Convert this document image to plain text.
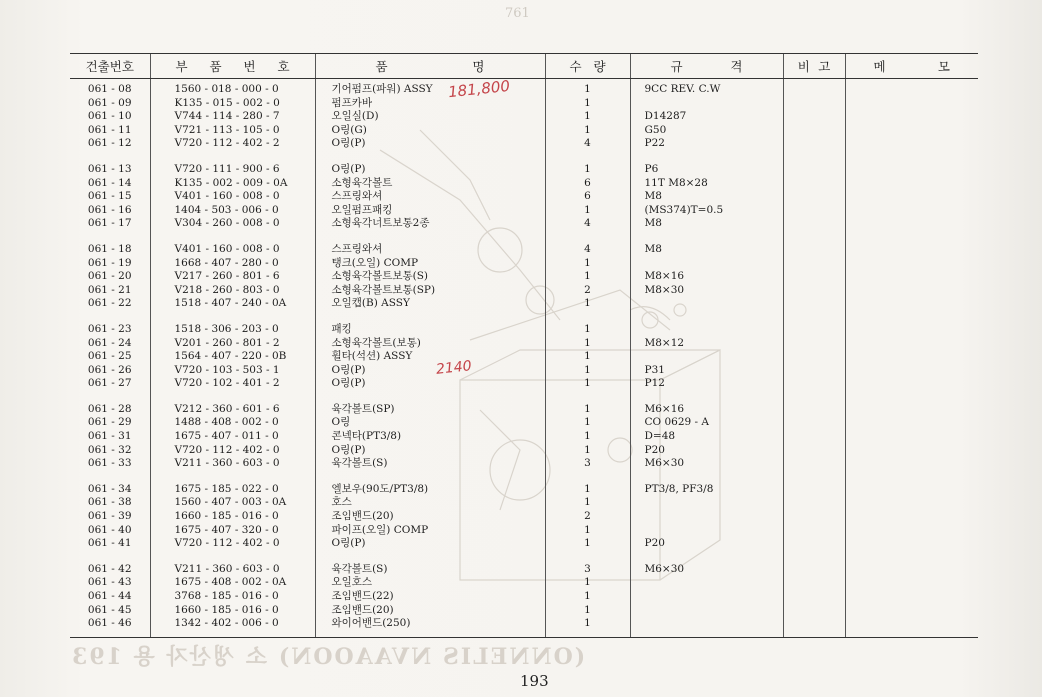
761
건출번호	부 품 번 호	품 명	수 량	규 격	비 고	메 모

061 - 08	1560 - 018 - 000 - 0	기어펌프(파워) ASSY	1	9CC REV. C.W		
061 - 09	K135 - 015 - 002 - 0	펌프카바	1			
061 - 10	V744 - 114 - 280 - 7	오일실(D)	1	D14287		
061 - 11	V721 - 113 - 105 - 0	O링(G)	1	G50		
061 - 12	V720 - 112 - 402 - 2	O링(P)	4	P22		

061 - 13	V720 - 111 - 900 - 6	O링(P)	1	P6		
061 - 14	K135 - 002 - 009 - 0A	소형육각볼트	6	11T M8×28		
061 - 15	V401 - 160 - 008 - 0	스프링와셔	6	M8		
061 - 16	1404 - 503 - 006 - 0	오일펌프패킹	1	(MS374)T=0.5		
061 - 17	V304 - 260 - 008 - 0	소형육각너트보통2종	4	M8		

061 - 18	V401 - 160 - 008 - 0	스프링와셔	4	M8		
061 - 19	1668 - 407 - 280 - 0	탱크(오일) COMP	1			
061 - 20	V217 - 260 - 801 - 6	소형육각볼트보통(S)	1	M8×16		
061 - 21	V218 - 260 - 803 - 0	소형육각볼트보통(SP)	2	M8×30		
061 - 22	1518 - 407 - 240 - 0A	오일캡(B) ASSY	1			

061 - 23	1518 - 306 - 203 - 0	패킹	1			
061 - 24	V201 - 260 - 801 - 2	소형육각볼트(보통)	1	M8×12		
061 - 25	1564 - 407 - 220 - 0B	휠타(석션) ASSY	1			
061 - 26	V720 - 103 - 503 - 1	O링(P)	1	P31		
061 - 27	V720 - 102 - 401 - 2	O링(P)	1	P12		

061 - 28	V212 - 360 - 601 - 6	육각볼트(SP)	1	M6×16		
061 - 29	1488 - 408 - 002 - 0	O링	1	CO 0629 - A		
061 - 31	1675 - 407 - 011 - 0	콘넥타(PT3/8)	1	D=48		
061 - 32	V720 - 112 - 402 - 0	O링(P)	1	P20		
061 - 33	V211 - 360 - 603 - 0	육각볼트(S)	3	M6×30		

061 - 34	1675 - 185 - 022 - 0	엘보우(90도/PT3/8)	1	PT3/8, PF3/8		
061 - 38	1560 - 407 - 003 - 0A	호스	1			
061 - 39	1660 - 185 - 016 - 0	조임밴드(20)	2			
061 - 40	1675 - 407 - 320 - 0	파이프(오일) COMP	1			
061 - 41	V720 - 112 - 402 - 0	O링(P)	1	P20		

061 - 42	V211 - 360 - 603 - 0	육각볼트(S)	3	M6×30		
061 - 43	1675 - 408 - 002 - 0A	오일호스	1			
061 - 44	3768 - 185 - 016 - 0	조임밴드(22)	1			
061 - 45	1660 - 185 - 016 - 0	조임밴드(20)	1			
061 - 46	1342 - 402 - 006 - 0	와이어밴드(250)	1			

181,800
2140
(ONNELIS NVAAOON) 소 생산자 용 193
193
